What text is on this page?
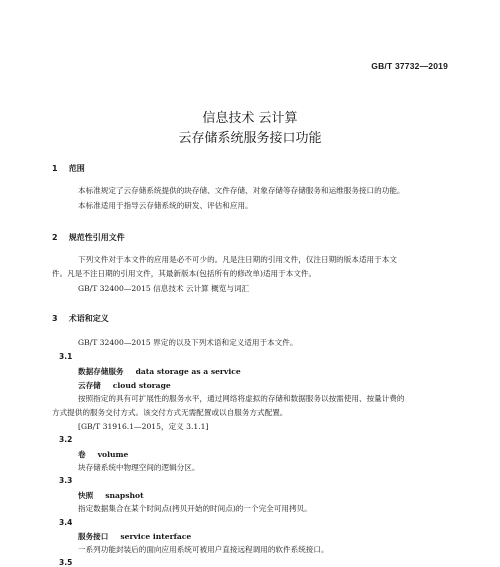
GB/T 37732—2019
信息技术 云计算
云存储系统服务接口功能
1 范围
本标准规定了云存储系统提供的块存储、文件存储、对象存储等存储服务和运维服务接口的功能。
本标准适用于指导云存储系统的研发、评估和应用。
2 规范性引用文件
下列文件对于本文件的应用是必不可少的。凡是注日期的引用文件，仅注日期的版本适用于本文
件。凡是不注日期的引用文件，其最新版本(包括所有的修改单)适用于本文件。
GB/T 32400—2015 信息技术 云计算 概览与词汇
3 术语和定义
GB/T 32400—2015 界定的以及下列术语和定义适用于本文件。
3.1
数据存储服务 data storage as a service
云存储 cloud storage
按照指定的具有可扩展性的服务水平，通过网络将虚拟的存储和数据服务以按需使用、按量计费的
方式提供的服务交付方式。该交付方式无需配置或以自服务方式配置。
[GB/T 31916.1—2015，定义 3.1.1]
3.2
卷 volume
块存储系统中物理空间的逻辑分区。
3.3
快照 snapshot
指定数据集合在某个时间点(拷贝开始的时间点)的一个完全可用拷贝。
3.4
服务接口 service interface
一系列功能封装后的面向应用系统可被用户直接远程调用的软件系统接口。
3.5
